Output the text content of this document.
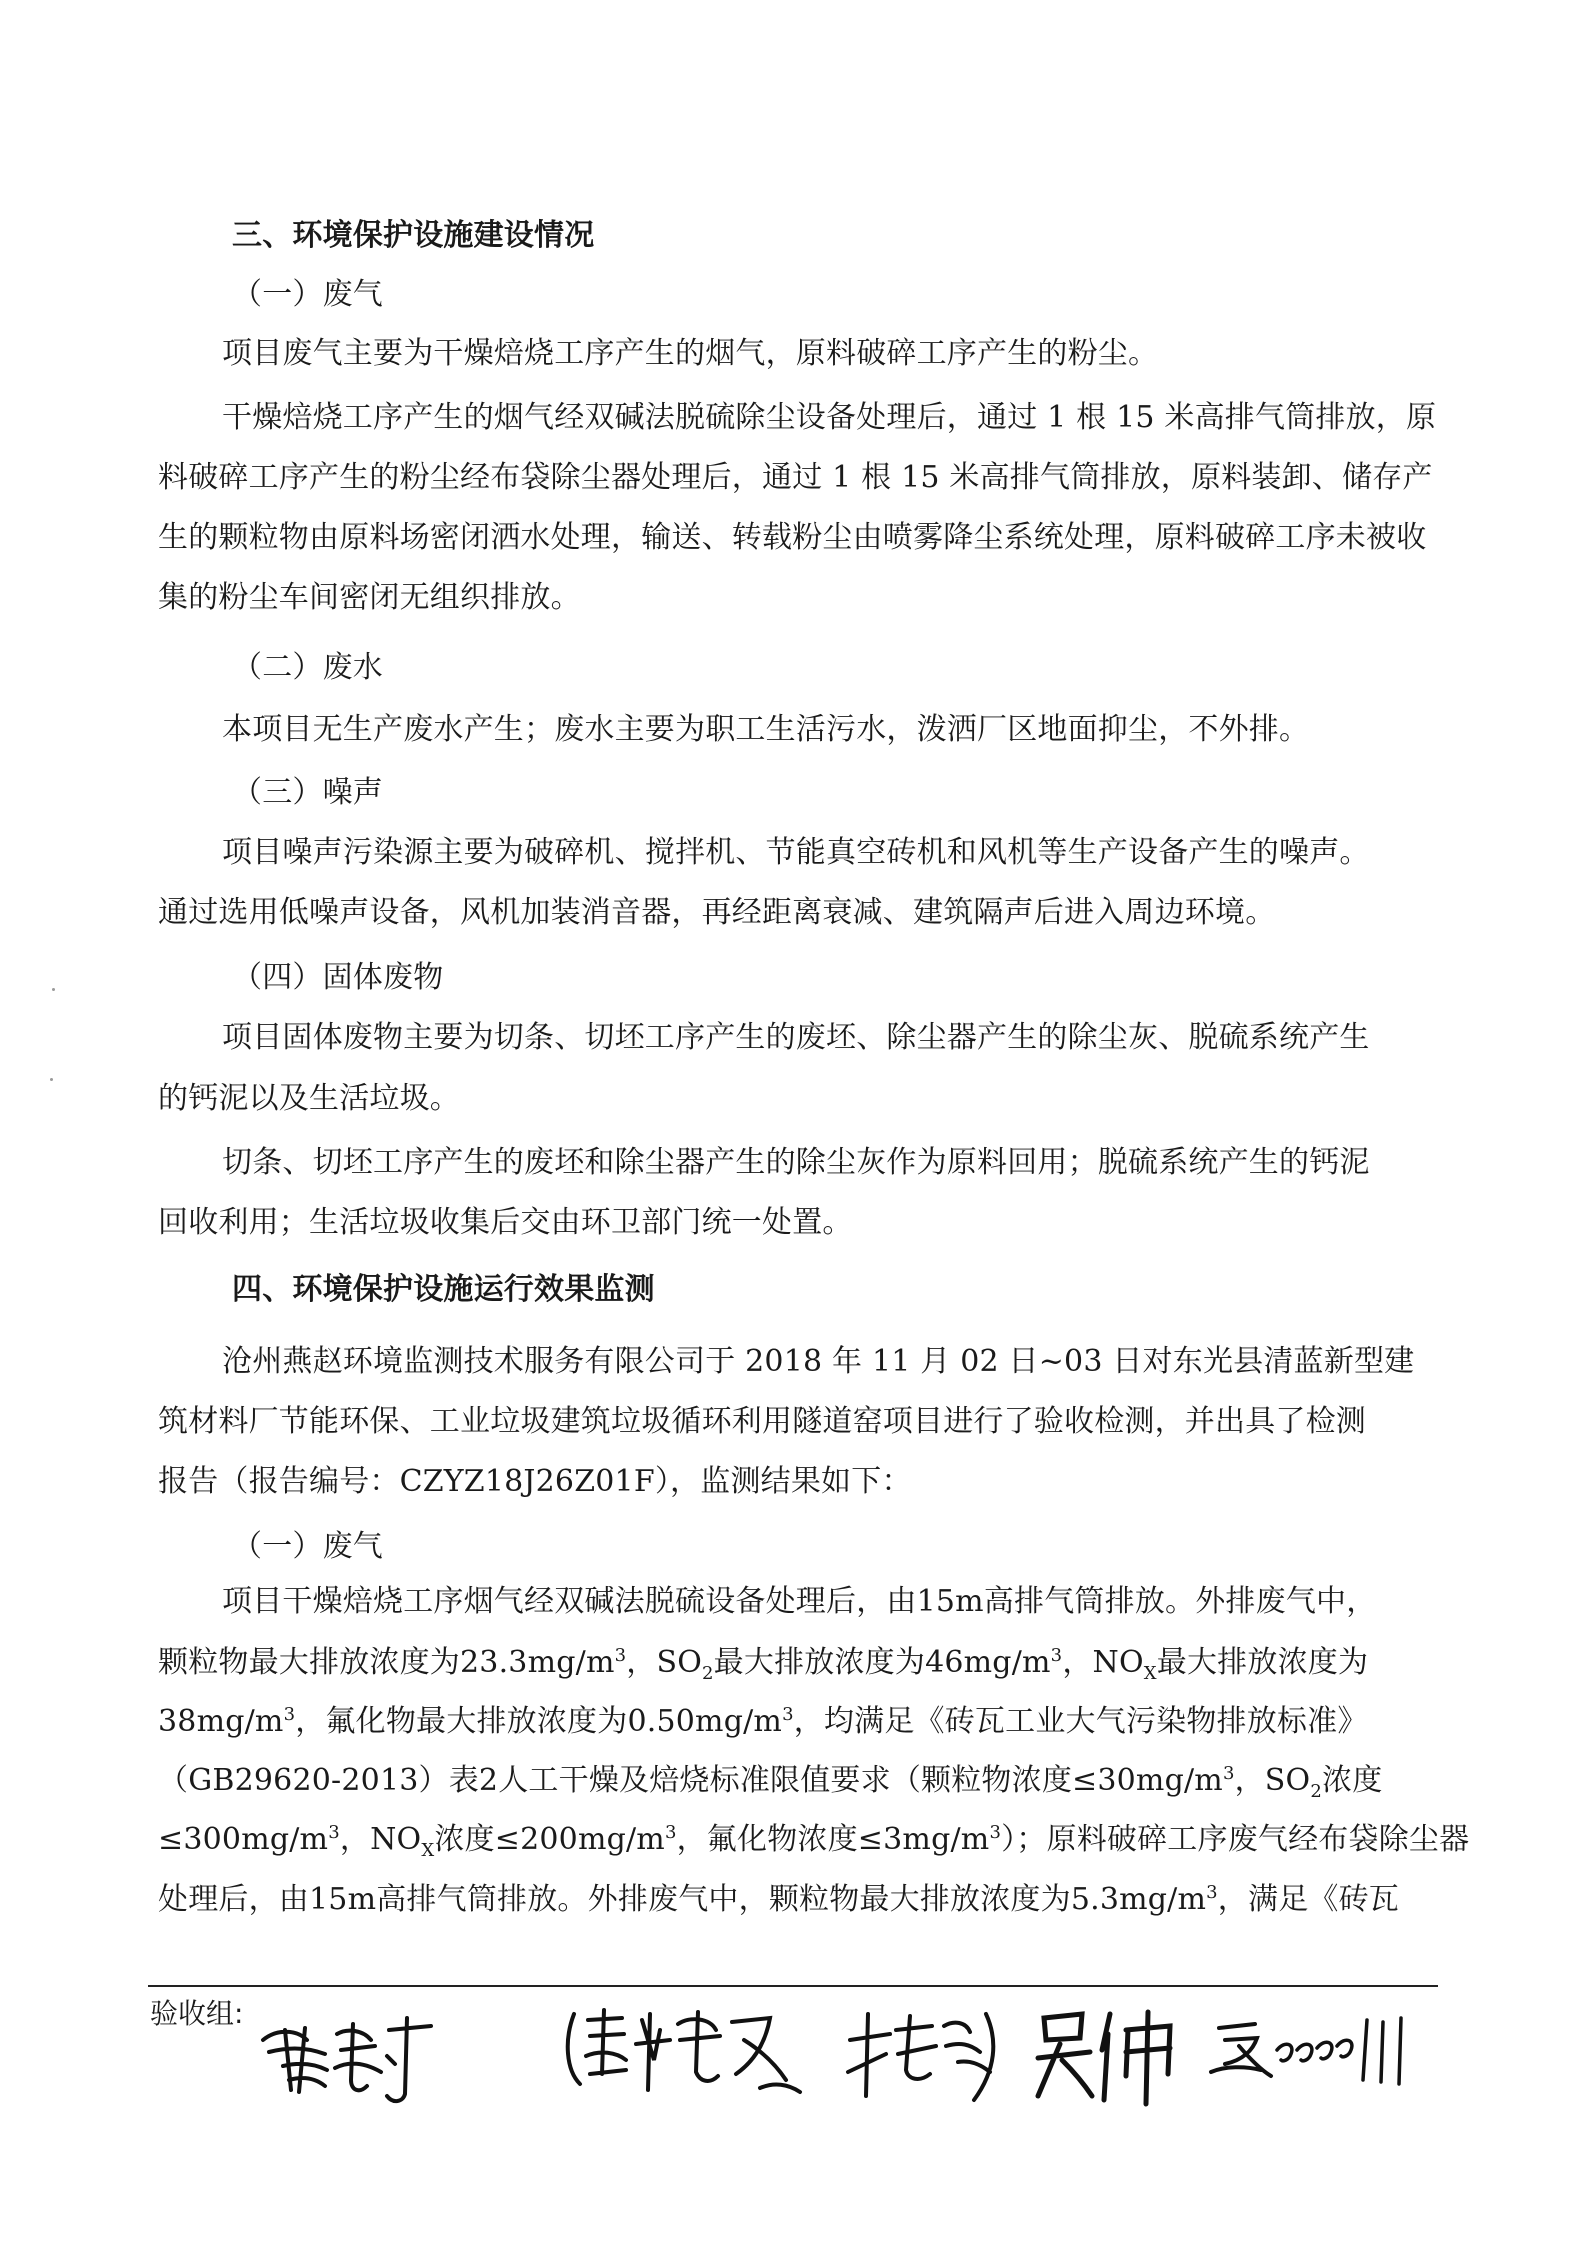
三、环境保护设施建设情况
（一）废气
项目废气主要为干燥焙烧工序产生的烟气，原料破碎工序产生的粉尘。
干燥焙烧工序产生的烟气经双碱法脱硫除尘设备处理后，通过 1 根 15 米高排气筒排放，原
料破碎工序产生的粉尘经布袋除尘器处理后，通过 1 根 15 米高排气筒排放，原料装卸、储存产
生的颗粒物由原料场密闭洒水处理，输送、转载粉尘由喷雾降尘系统处理，原料破碎工序未被收
集的粉尘车间密闭无组织排放。
（二）废水
本项目无生产废水产生；废水主要为职工生活污水，泼洒厂区地面抑尘，不外排。
（三）噪声
项目噪声污染源主要为破碎机、搅拌机、节能真空砖机和风机等生产设备产生的噪声。
通过选用低噪声设备，风机加装消音器，再经距离衰减、建筑隔声后进入周边环境。
（四）固体废物
项目固体废物主要为切条、切坯工序产生的废坯、除尘器产生的除尘灰、脱硫系统产生
的钙泥以及生活垃圾。
切条、切坯工序产生的废坯和除尘器产生的除尘灰作为原料回用；脱硫系统产生的钙泥
回收利用；生活垃圾收集后交由环卫部门统一处置。
四、环境保护设施运行效果监测
沧州燕赵环境监测技术服务有限公司于 2018 年 11 月 02 日~03 日对东光县清蓝新型建
筑材料厂节能环保、工业垃圾建筑垃圾循环利用隧道窑项目进行了验收检测，并出具了检测
报告（报告编号：CZYZ18J26Z01F），监测结果如下：
（一）废气
项目干燥焙烧工序烟气经双碱法脱硫设备处理后，由15m高排气筒排放。外排废气中，
颗粒物最大排放浓度为$23.3mg/m^3$，$SO_2$最大排放浓度为$46mg/m^3$，$NO_X$最大排放浓度为
$38mg/m^3$，氟化物最大排放浓度为$0.50mg/m^3$，均满足《砖瓦工业大气污染物排放标准》
（GB29620-2013）表2人工干燥及焙烧标准限值要求（颗粒物浓度$\le 30mg/m^3$，$SO_2$浓度
$\le 300mg/m^3$，$NO_X$浓度$\le 200mg/m^3$，氟化物浓度$\le 3mg/m^3$）；原料破碎工序废气经布袋除尘器
处理后，由15m高排气筒排放。外排废气中，颗粒物最大排放浓度为$5.3mg/m^3$，满足《砖瓦
验收组:
